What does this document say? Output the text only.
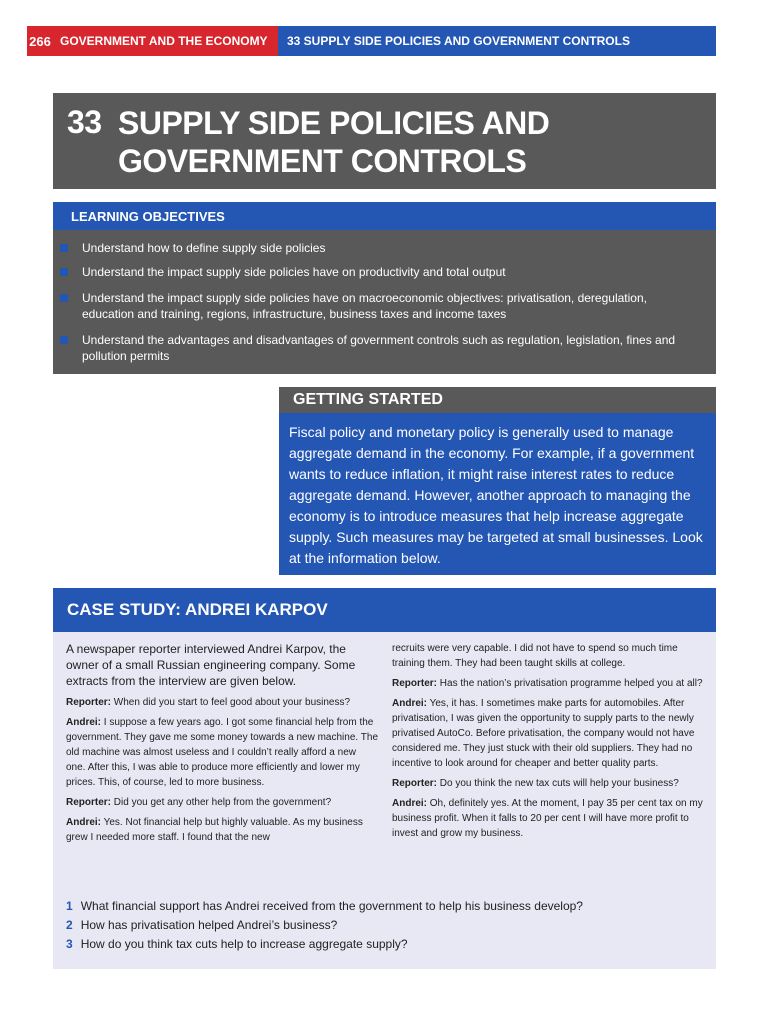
266 GOVERNMENT AND THE ECONOMY	33 SUPPLY SIDE POLICIES AND GOVERNMENT CONTROLS
33 SUPPLY SIDE POLICIES AND GOVERNMENT CONTROLS
LEARNING OBJECTIVES
Understand how to define supply side policies
Understand the impact supply side policies have on productivity and total output
Understand the impact supply side policies have on macroeconomic objectives: privatisation, deregulation, education and training, regions, infrastructure, business taxes and income taxes
Understand the advantages and disadvantages of government controls such as regulation, legislation, fines and pollution permits
GETTING STARTED
Fiscal policy and monetary policy is generally used to manage aggregate demand in the economy. For example, if a government wants to reduce inflation, it might raise interest rates to reduce aggregate demand. However, another approach to managing the economy is to introduce measures that help increase aggregate supply. Such measures may be targeted at small businesses. Look at the information below.
CASE STUDY: ANDREI KARPOV

A newspaper reporter interviewed Andrei Karpov, the owner of a small Russian engineering company. Some extracts from the interview are given below.

Reporter: When did you start to feel good about your business?

Andrei: I suppose a few years ago. I got some financial help from the government. They gave me some money towards a new machine. The old machine was almost useless and I couldn’t really afford a new one. After this, I was able to produce more efficiently and lower my prices. This, of course, led to more business.

Reporter: Did you get any other help from the government?

Andrei: Yes. Not financial help but highly valuable. As my business grew I needed more staff. I found that the new

recruits were very capable. I did not have to spend so much time training them. They had been taught skills at college.

Reporter: Has the nation’s privatisation programme helped you at all?

Andrei: Yes, it has. I sometimes make parts for automobiles. After privatisation, I was given the opportunity to supply parts to the newly privatised AutoCo. Before privatisation, the company would not have considered me. They just stuck with their old suppliers. They had no incentive to look around for cheaper and better quality parts.

Reporter: Do you think the new tax cuts will help your business?

Andrei: Oh, definitely yes. At the moment, I pay 35 per cent tax on my business profit. When it falls to 20 per cent I will have more profit to invest and grow my business.

1 What financial support has Andrei received from the government to help his business develop?
2 How has privatisation helped Andrei’s business?
3 How do you think tax cuts help to increase aggregate supply?
